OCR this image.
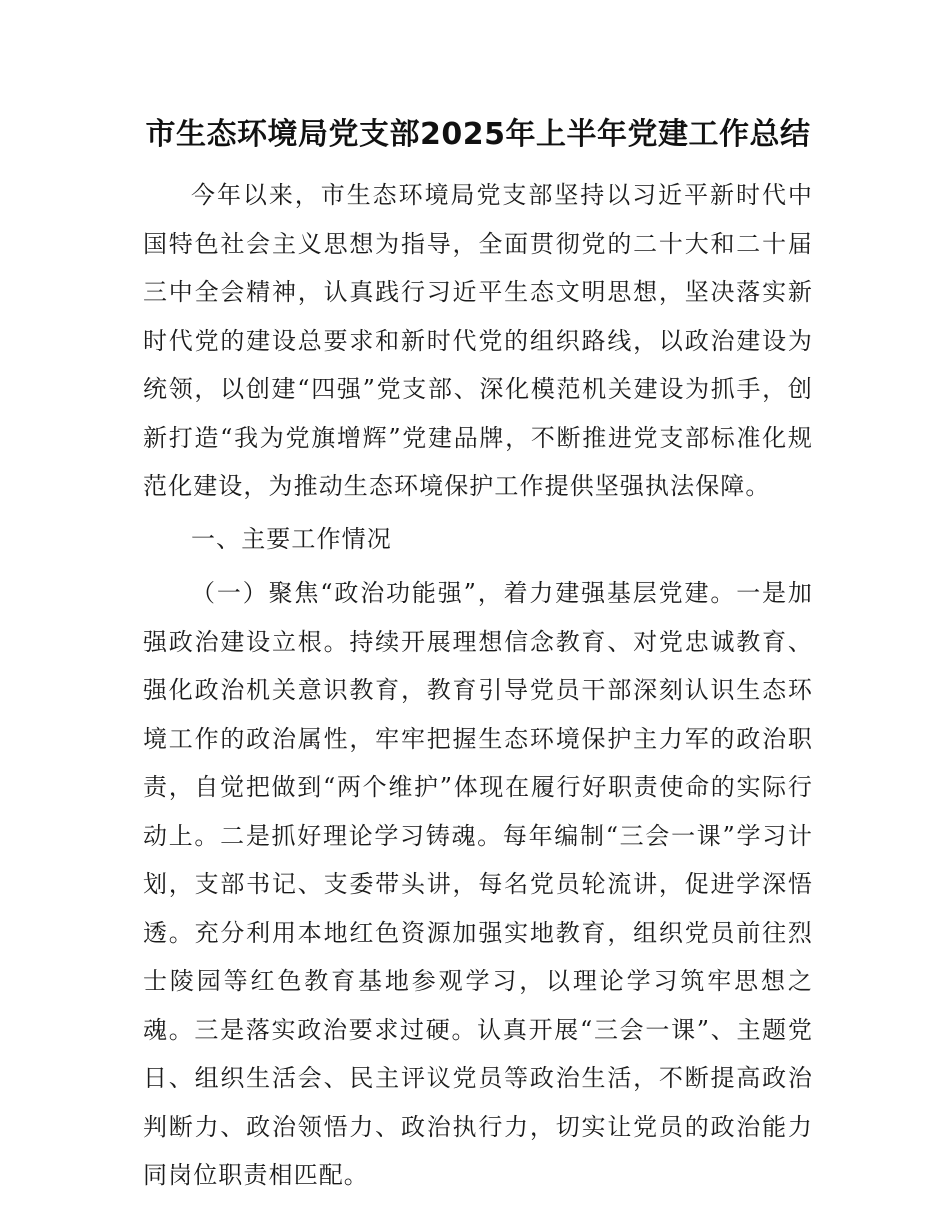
市生态环境局党支部2025年上半年党建工作总结

今年以来，市生态环境局党支部坚持以习近平新时代中国特色社会主义思想为指导，全面贯彻党的二十大和二十届三中全会精神，认真践行习近平生态文明思想，坚决落实新时代党的建设总要求和新时代党的组织路线，以政治建设为统领，以创建“四强”党支部、深化模范机关建设为抓手，创新打造“我为党旗增辉”党建品牌，不断推进党支部标准化规范化建设，为推动生态环境保护工作提供坚强执法保障。

一、主要工作情况

（一）聚焦“政治功能强”，着力建强基层党建。一是加强政治建设立根。持续开展理想信念教育、对党忠诚教育、强化政治机关意识教育，教育引导党员干部深刻认识生态环境工作的政治属性，牢牢把握生态环境保护主力军的政治职责，自觉把做到“两个维护”体现在履行好职责使命的实际行动上。二是抓好理论学习铸魂。每年编制“三会一课”学习计划，支部书记、支委带头讲，每名党员轮流讲，促进学深悟透。充分利用本地红色资源加强实地教育，组织党员前往烈士陵园等红色教育基地参观学习，以理论学习筑牢思想之魂。三是落实政治要求过硬。认真开展“三会一课”、主题党日、组织生活会、民主评议党员等政治生活，不断提高政治判断力、政治领悟力、政治执行力，切实让党员的政治能力同岗位职责相匹配。
